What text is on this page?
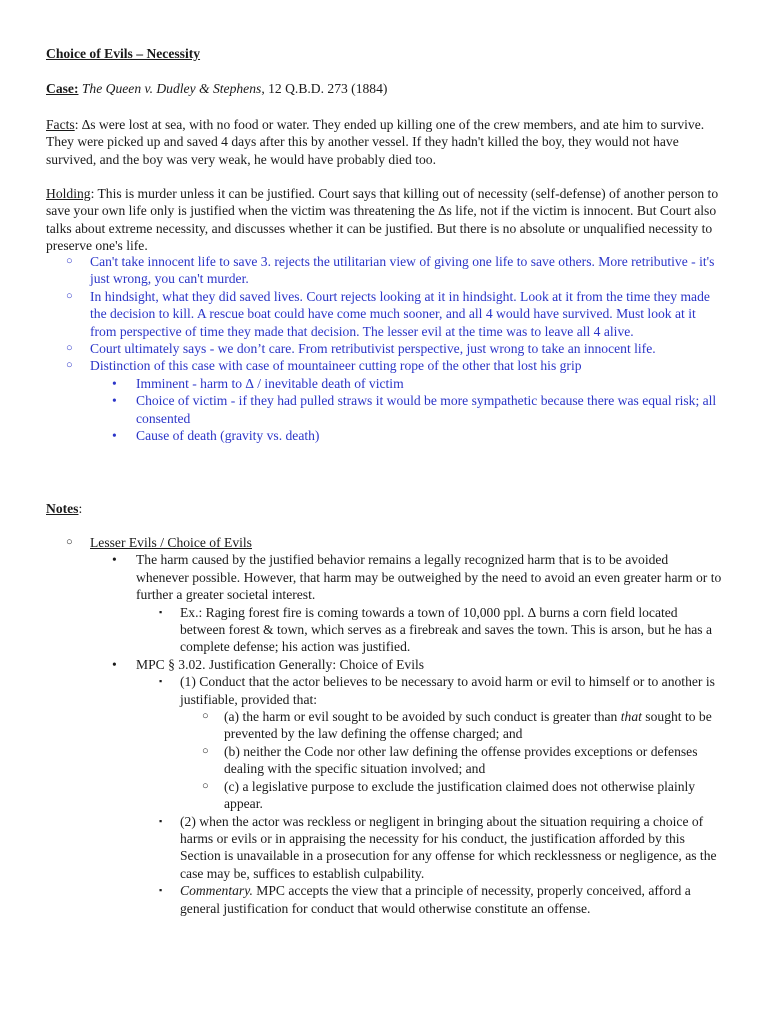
Choice of Evils – Necessity

Case: The Queen v. Dudley & Stephens, 12 Q.B.D. 273 (1884)

Facts: ∆s were lost at sea, with no food or water. They ended up killing one of the crew members, and ate him to survive. They were picked up and saved 4 days after this by another vessel. If they hadn't killed the boy, they would not have survived, and the boy was very weak, he would have probably died too.

Holding: This is murder unless it can be justified. Court says that killing out of necessity (self-defense) of another person to save your own life only is justified when the victim was threatening the ∆s life, not if the victim is innocent. But Court also talks about extreme necessity, and discusses whether it can be justified. But there is no absolute or unqualified necessity to preserve one's life.

○ Can't take innocent life to save 3. rejects the utilitarian view of giving one life to save others. More retributive - it's just wrong, you can't murder.
○ In hindsight, what they did saved lives. Court rejects looking at it in hindsight. Look at it from the time they made the decision to kill. A rescue boat could have come much sooner, and all 4 would have survived. Must look at it from perspective of time they made that decision. The lesser evil at the time was to leave all 4 alive.
○ Court ultimately says - we don’t care. From retributivist perspective, just wrong to take an innocent life.
○ Distinction of this case with case of mountaineer cutting rope of the other that lost his grip
• Imminent - harm to ∆ / inevitable death of victim
• Choice of victim - if they had pulled straws it would be more sympathetic because there was equal risk; all consented
• Cause of death (gravity vs. death)

Notes:

○ Lesser Evils / Choice of Evils
• The harm caused by the justified behavior remains a legally recognized harm that is to be avoided whenever possible. However, that harm may be outweighed by the need to avoid an even greater harm or to further a greater societal interest.
▪ Ex.: Raging forest fire is coming towards a town of 10,000 ppl. ∆ burns a corn field located between forest & town, which serves as a firebreak and saves the town. This is arson, but he has a complete defense; his action was justified.
• MPC § 3.02. Justification Generally: Choice of Evils
▪ (1) Conduct that the actor believes to be necessary to avoid harm or evil to himself or to another is justifiable, provided that:
○ (a) the harm or evil sought to be avoided by such conduct is greater than that sought to be prevented by the law defining the offense charged; and
○ (b) neither the Code nor other law defining the offense provides exceptions or defenses dealing with the specific situation involved; and
○ (c) a legislative purpose to exclude the justification claimed does not otherwise plainly appear.
▪ (2) when the actor was reckless or negligent in bringing about the situation requiring a choice of harms or evils or in appraising the necessity for his conduct, the justification afforded by this Section is unavailable in a prosecution for any offense for which recklessness or negligence, as the case may be, suffices to establish culpability.
▪ Commentary. MPC accepts the view that a principle of necessity, properly conceived, afford a general justification for conduct that would otherwise constitute an offense.
